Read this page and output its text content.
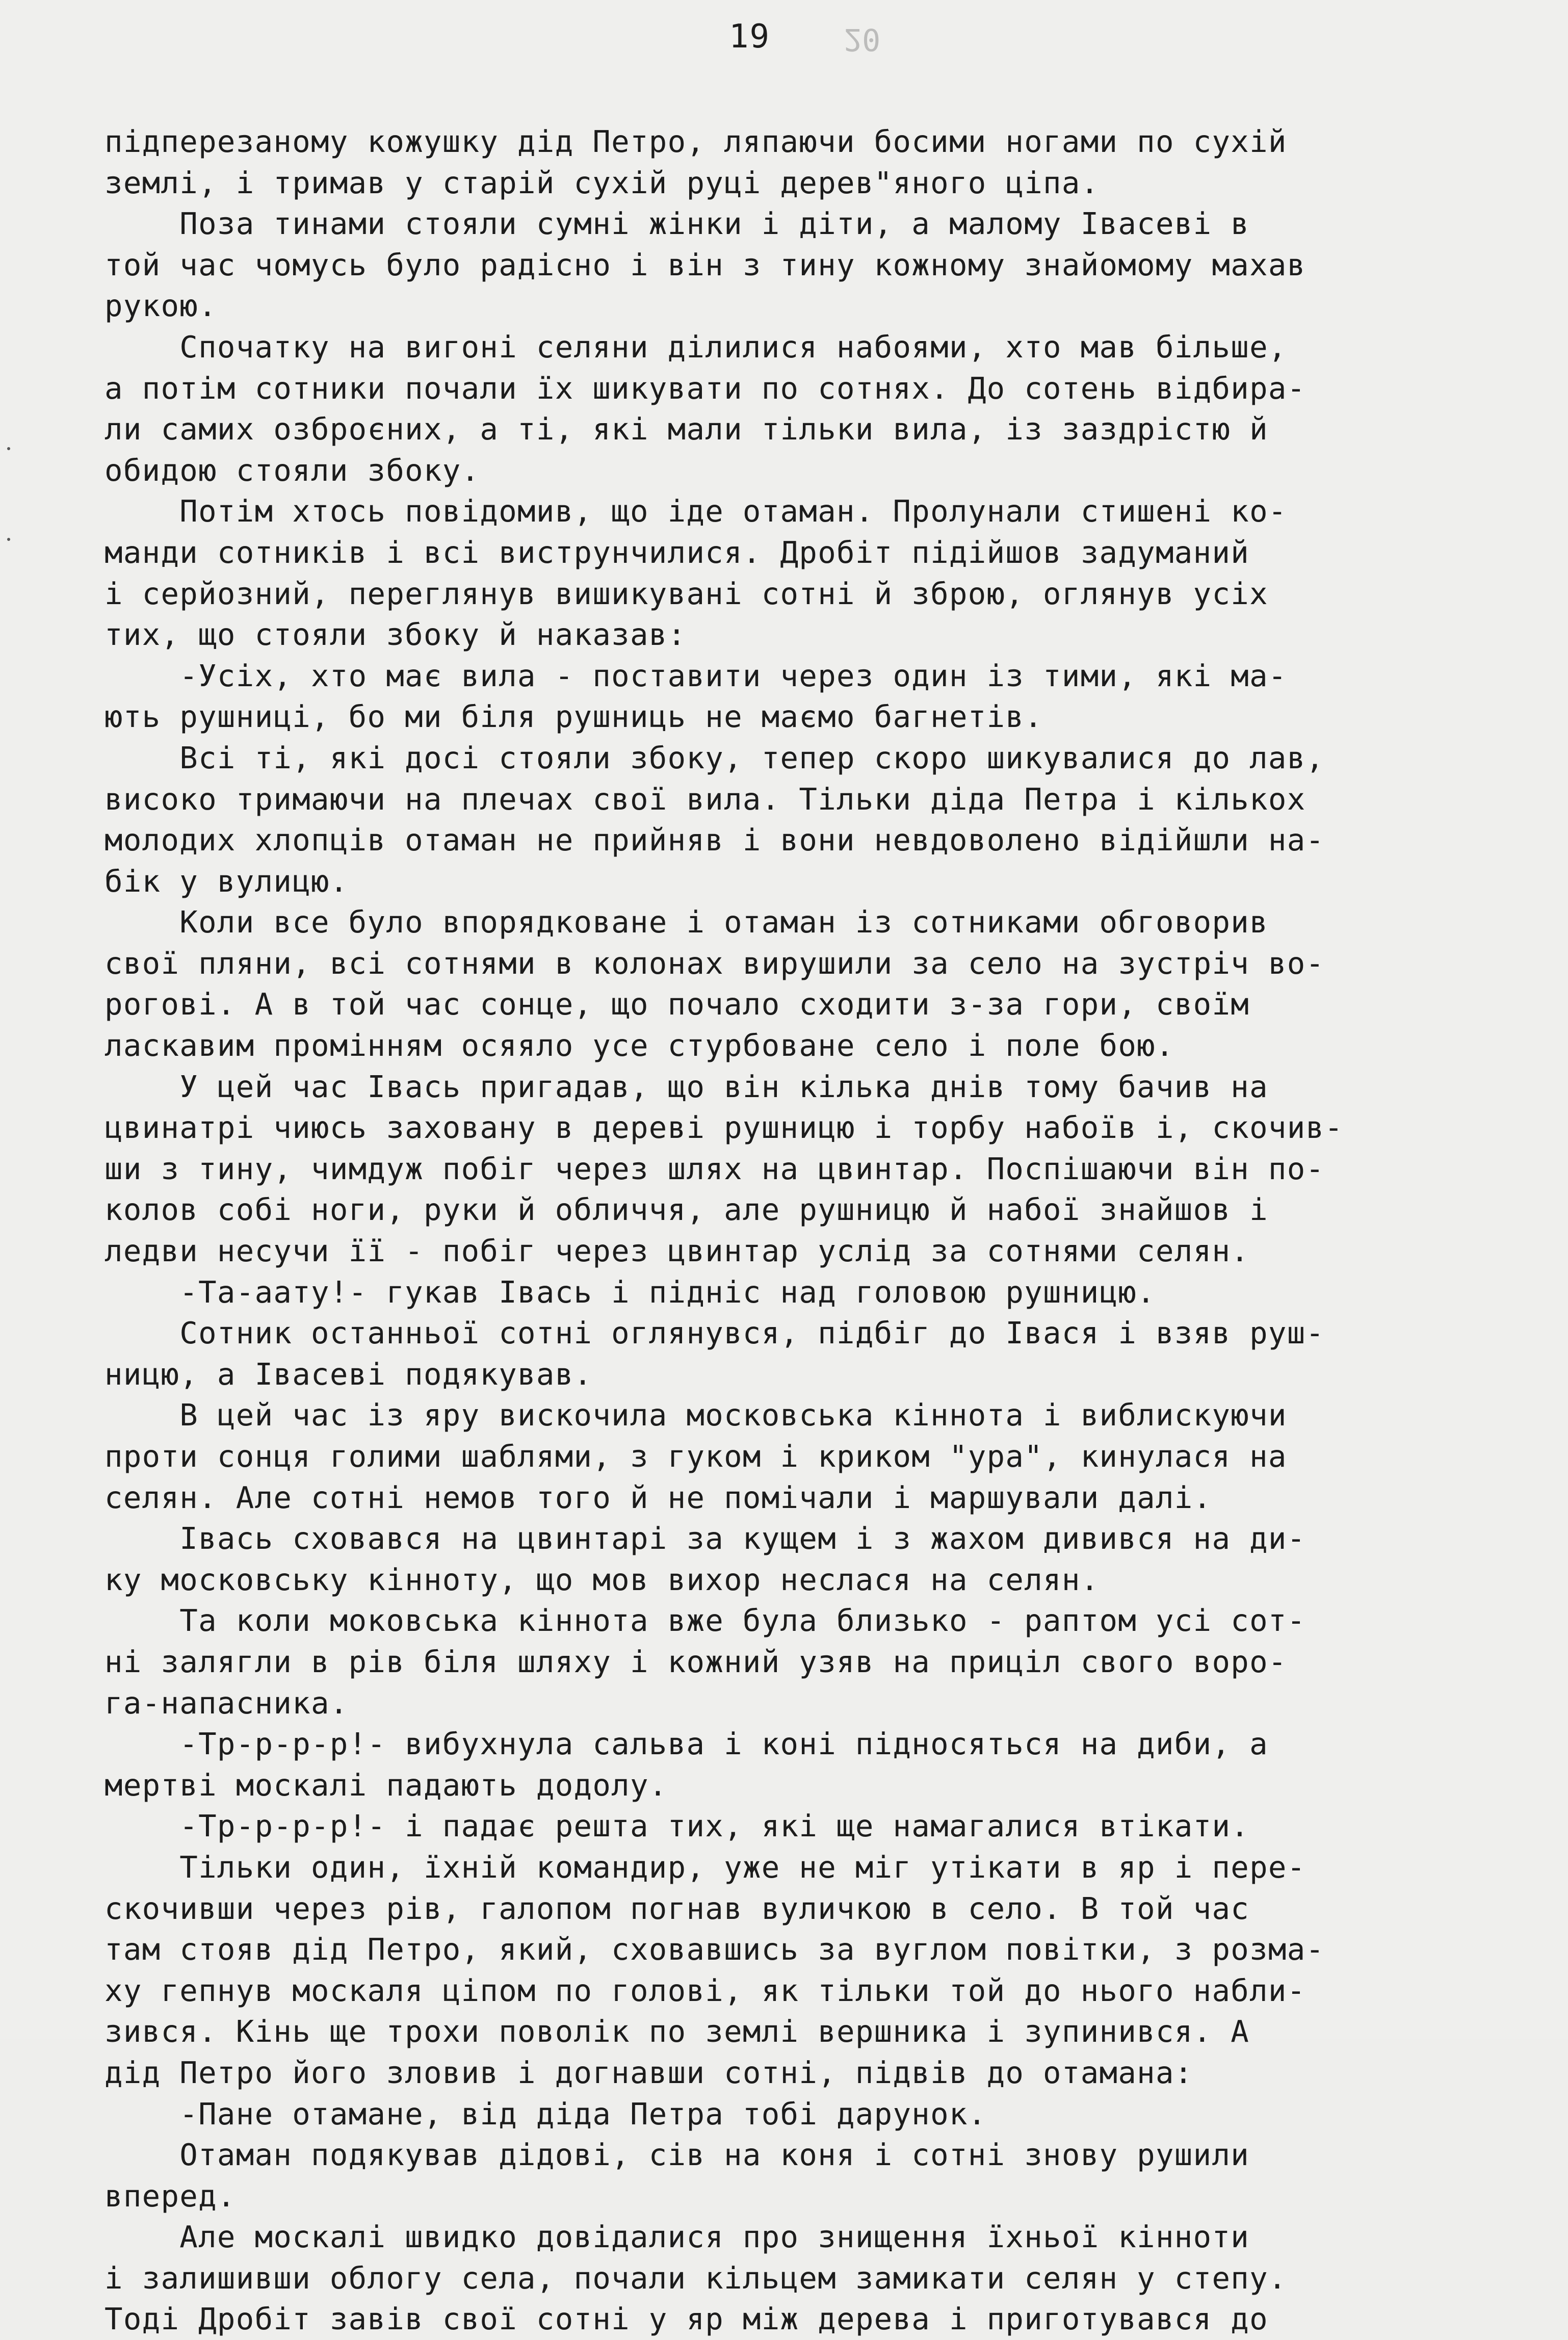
20
19
підперезаному кожушку дід Петро, ляпаючи босими ногами по сухій
землі, і тримав у старій сухій руці дерев"яного ціпа.
Поза тинами стояли сумні жінки і діти, а малому Івасеві в
той час чомусь було радісно і він з тину кожному знайомому махав
рукою.
Спочатку на вигоні селяни ділилися набоями, хто мав більше,
а потім сотники почали їх шикувати по сотнях. До сотень відбира-
ли самих озброєних, а ті, які мали тільки вила, із заздрістю й
обидою стояли збоку.
Потім хтось повідомив, що іде отаман. Пролунали стишені ко-
манди сотників і всі виструнчилися. Дробіт підійшов задуманий
і серйозний, переглянув вишикувані сотні й зброю, оглянув усіх
тих, що стояли збоку й наказав:
-Усіх, хто має вила - поставити через один із тими, які ма-
ють рушниці, бо ми біля рушниць не маємо багнетів.
Всі ті, які досі стояли збоку, тепер скоро шикувалися до лав,
високо тримаючи на плечах свої вила. Тільки діда Петра і кількох
молодих хлопців отаман не прийняв і вони невдоволено відійшли на-
бік у вулицю.
Коли все було впорядковане і отаман із сотниками обговорив
свої пляни, всі сотнями в колонах вирушили за село на зустріч во-
рогові. А в той час сонце, що почало сходити з-за гори, своїм
ласкавим промінням осяяло усе стурбоване село і поле бою.
У цей час Івась пригадав, що він кілька днів тому бачив на
цвинатрі чиюсь заховану в дереві рушницю і торбу набоїв і, скочив-
ши з тину, чимдуж побіг через шлях на цвинтар. Поспішаючи він по-
колов собі ноги, руки й обличчя, але рушницю й набої знайшов і
ледви несучи її - побіг через цвинтар услід за сотнями селян.
-Та-аату!- гукав Івась і підніс над головою рушницю.
Сотник останньої сотні оглянувся, підбіг до Івася і взяв руш-
ницю, а Івасеві подякував.
В цей час із яру вискочила московська кіннота і виблискуючи
проти сонця голими шаблями, з гуком і криком "ура", кинулася на
селян. Але сотні немов того й не помічали і маршували далі.
Івась сховався на цвинтарі за кущем і з жахом дивився на ди-
ку московську кінноту, що мов вихор неслася на селян.
Та коли моковська кіннота вже була близько - раптом усі сот-
ні залягли в рів біля шляху і кожний узяв на приціл свого воро-
га-напасника.
-Тр-р-р-р!- вибухнула сальва і коні підносяться на диби, а
мертві москалі падають додолу.
-Тр-р-р-р!- і падає решта тих, які ще намагалися втікати.
Тільки один, їхній командир, уже не міг утікати в яр і пере-
скочивши через рів, галопом погнав вуличкою в село. В той час
там стояв дід Петро, який, сховавшись за вуглом повітки, з розма-
ху гепнув москаля ціпом по голові, як тільки той до нього набли-
зився. Кінь ще трохи поволік по землі вершника і зупинився. А
дід Петро його зловив і догнавши сотні, підвів до отамана:
-Пане отамане, від діда Петра тобі дарунок.
Отаман подякував дідові, сів на коня і сотні знову рушили
вперед.
Але москалі швидко довідалися про знищення їхньої кінноти
і залишивши облогу села, почали кільцем замикати селян у степу.
Тоді Дробіт завів свої сотні у яр між дерева і приготувався до
